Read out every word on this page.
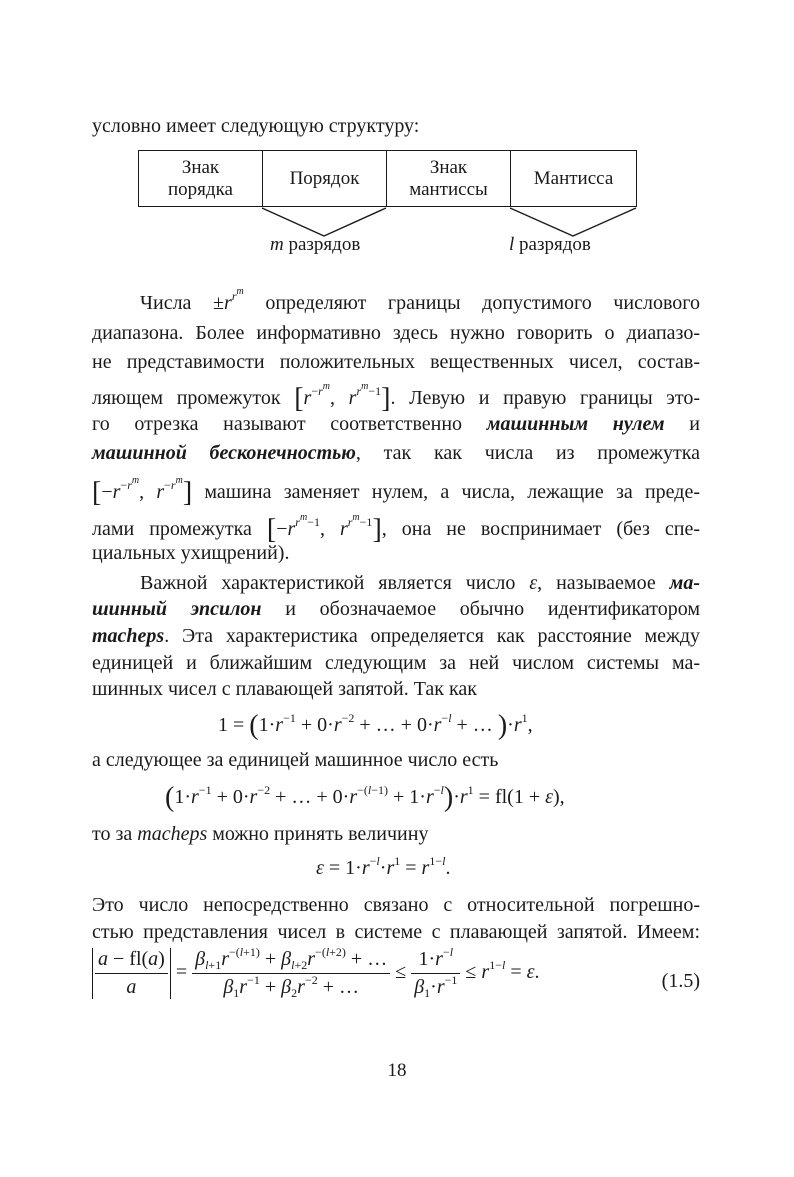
условно имеет следующую структуру:
Знак
порядка
Порядок
Знак
мантиссы
Мантисса
m разрядов	l разрядов
Числа $\pm r^{r^m}$ определяют границы допустимого числового
диапазона. Более информативно здесь нужно говорить о диапазо-
не представимости положительных вещественных чисел, состав-
ляющем промежуток [$r^{-r^m}$, $r^{r^m-1}$]. Левую и правую границы это-
го отрезка называют соответственно машинным нулем и
машинной бесконечностью, так как числа из промежутка
[$-r^{-r^m}$, $r^{-r^m}$] машина заменяет нулем, а числа, лежащие за преде-
лами промежутка [$-r^{r^m-1}$, $r^{r^m-1}$], она не воспринимает (без спе-
циальных ухищрений).
Важной характеристикой является число ε, называемое ма-
шинный эпсилон и обозначаемое обычно идентификатором
macheps. Эта характеристика определяется как расстояние между
единицей и ближайшим следующим за ней числом системы ма-
шинных чисел с плавающей запятой. Так как
$1 = (1\cdot r^{-1} + 0\cdot r^{-2}$ + … + $0\cdot r^{-l}$ + … )$\cdot r^1$,
а следующее за единицей машинное число есть
($1\cdot r^{-1} + 0\cdot r^{-2}$ + … + $0\cdot r^{-(l-1)} + 1\cdot r^{-l})\cdot r^1 = fl(1 + \varepsilon)$,
то за macheps можно принять величину
$\varepsilon = 1\cdot r^{-l}\cdot r^1 = r^{1-l}$.
Это число непосредственно связано с относительной погрешно-
стью представления чисел в системе с плавающей запятой. Имеем:
$\frac{a - fl(a)}{a} = \frac{\beta_{l+1}r^{-(l+1)} + \beta_{l+2}r^{-(l+2)} + \dots}{\beta_1r^{-1} + \beta_2r^{-2} + \dots} \le \frac{1\cdot r^{-l}}{\beta_1\cdot r^{-1}} \le r^{1-l} = \varepsilon$.	(1.5)
18
